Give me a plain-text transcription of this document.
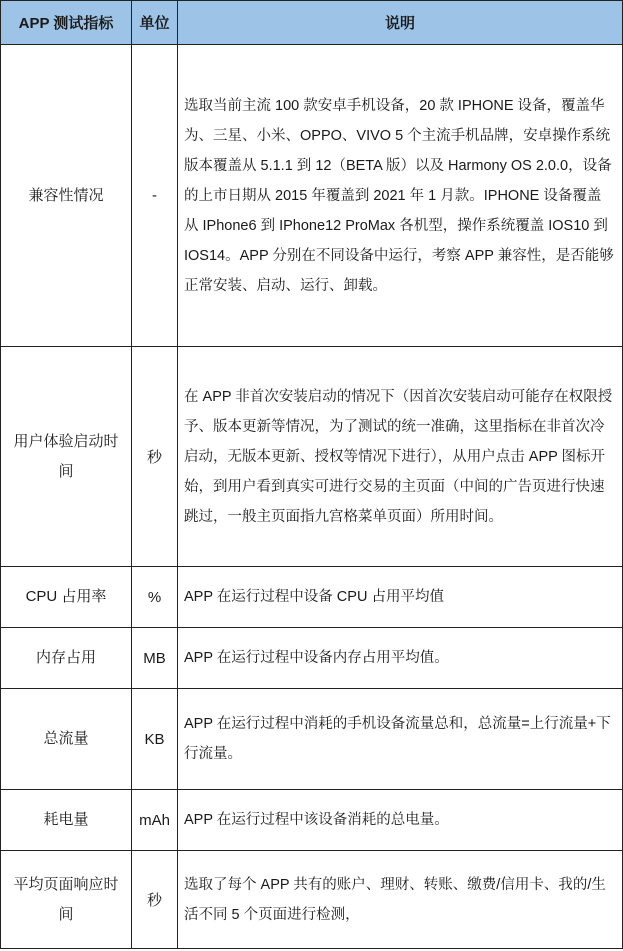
APP 测试指标	单位	说明
兼容性情况	-	选取当前主流 100 款安卓手机设备，20 款 IPHONE 设备，覆盖华为、三星、小米、OPPO、VIVO 5 个主流手机品牌，安卓操作系统版本覆盖从 5.1.1 到 12（BETA 版）以及 Harmony OS 2.0.0，设备的上市日期从 2015 年覆盖到 2021 年 1 月款。IPHONE 设备覆盖从 IPhone6 到 IPhone12 ProMax 各机型，操作系统覆盖 IOS10 到 IOS14。APP 分别在不同设备中运行，考察 APP 兼容性，是否能够正常安装、启动、运行、卸载。
用户体验启动时间	秒	在 APP 非首次安装启动的情况下（因首次安装启动可能存在权限授予、版本更新等情况，为了测试的统一准确，这里指标在非首次冷启动，无版本更新、授权等情况下进行），从用户点击 APP 图标开始，到用户看到真实可进行交易的主页面（中间的广告页进行快速跳过，一般主页面指九宫格菜单页面）所用时间。
CPU 占用率	%	APP 在运行过程中设备 CPU 占用平均值
内存占用	MB	APP 在运行过程中设备内存占用平均值。
总流量	KB	APP 在运行过程中消耗的手机设备流量总和，总流量=上行流量+下行流量。
耗电量	mAh	APP 在运行过程中该设备消耗的总电量。
平均页面响应时间	秒	选取了每个 APP 共有的账户、理财、转账、缴费/信用卡、我的/生活不同 5 个页面进行检测，
